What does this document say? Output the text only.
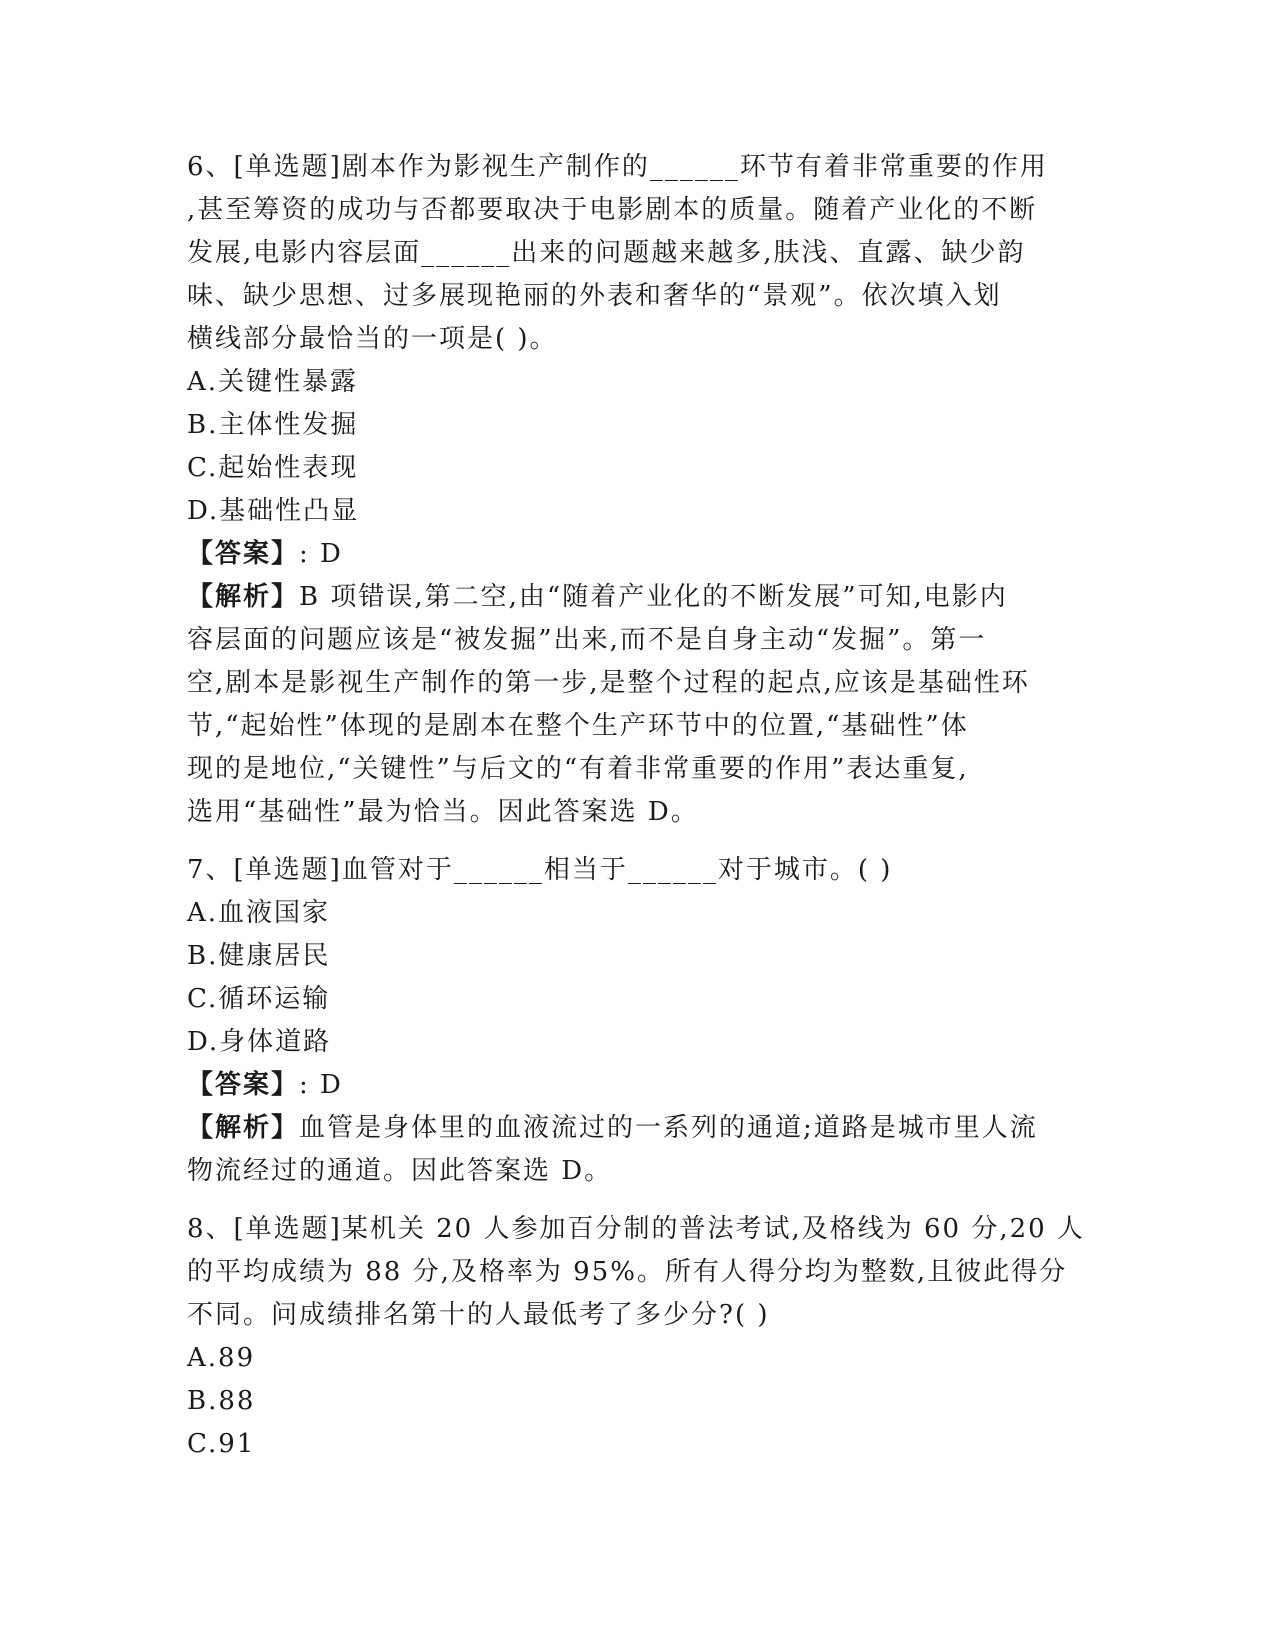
6、[单选题]剧本作为影视生产制作的______环节有着非常重要的作用
,甚至筹资的成功与否都要取决于电影剧本的质量。随着产业化的不断
发展,电影内容层面______出来的问题越来越多,肤浅、直露、缺少韵
味、缺少思想、过多展现艳丽的外表和奢华的“景观”。依次填入划
横线部分最恰当的一项是( )。
A.关键性暴露
B.主体性发掘
C.起始性表现
D.基础性凸显
【答案】: D
【解析】B 项错误,第二空,由“随着产业化的不断发展”可知,电影内
容层面的问题应该是“被发掘”出来,而不是自身主动“发掘”。第一
空,剧本是影视生产制作的第一步,是整个过程的起点,应该是基础性环
节,“起始性”体现的是剧本在整个生产环节中的位置,“基础性”体
现的是地位,“关键性”与后文的“有着非常重要的作用”表达重复,
选用“基础性”最为恰当。因此答案选 D。
7、[单选题]血管对于______相当于______对于城市。( )
A.血液国家
B.健康居民
C.循环运输
D.身体道路
【答案】: D
【解析】血管是身体里的血液流过的一系列的通道;道路是城市里人流
物流经过的通道。因此答案选 D。
8、[单选题]某机关 20 人参加百分制的普法考试,及格线为 60 分,20 人
的平均成绩为 88 分,及格率为 95%。所有人得分均为整数,且彼此得分
不同。问成绩排名第十的人最低考了多少分?( )
A.89
B.88
C.91
